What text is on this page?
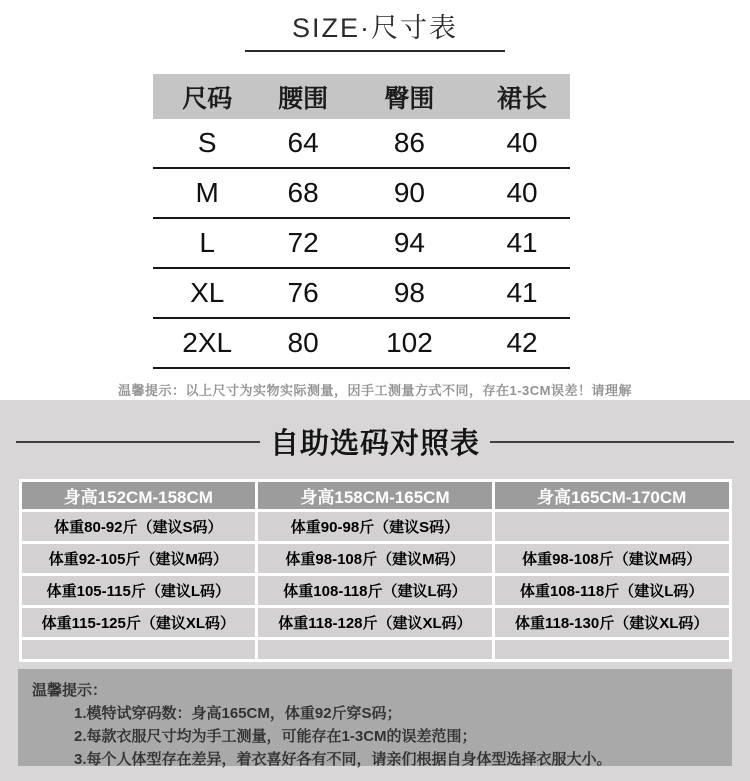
SIZE·尺寸表
尺码	腰围	臀围	裙长
S	64	86	40
M	68	90	40
L	72	94	41
XL	76	98	41
2XL	80	102	42

温馨提示：以上尺寸为实物实际测量，因手工测量方式不同，存在1-3CM误差！请理解

自助选码对照表
身高152CM-158CM	身高158CM-165CM	身高165CM-170CM
体重80-92斤（建议S码）	体重90-98斤（建议S码）
体重92-105斤（建议M码）	体重98-108斤（建议M码）	体重98-108斤（建议M码）
体重105-115斤（建议L码）	体重108-118斤（建议L码）	体重108-118斤（建议L码）
体重115-125斤（建议XL码）	体重118-128斤（建议XL码）	体重118-130斤（建议XL码）

温馨提示：

1.模特试穿码数：身高165CM，体重92斤穿S码；
2.每款衣服尺寸均为手工测量，可能存在1-3CM的误差范围；
3.每个人体型存在差异，着衣喜好各有不同，请亲们根据自身体型选择衣服大小。
